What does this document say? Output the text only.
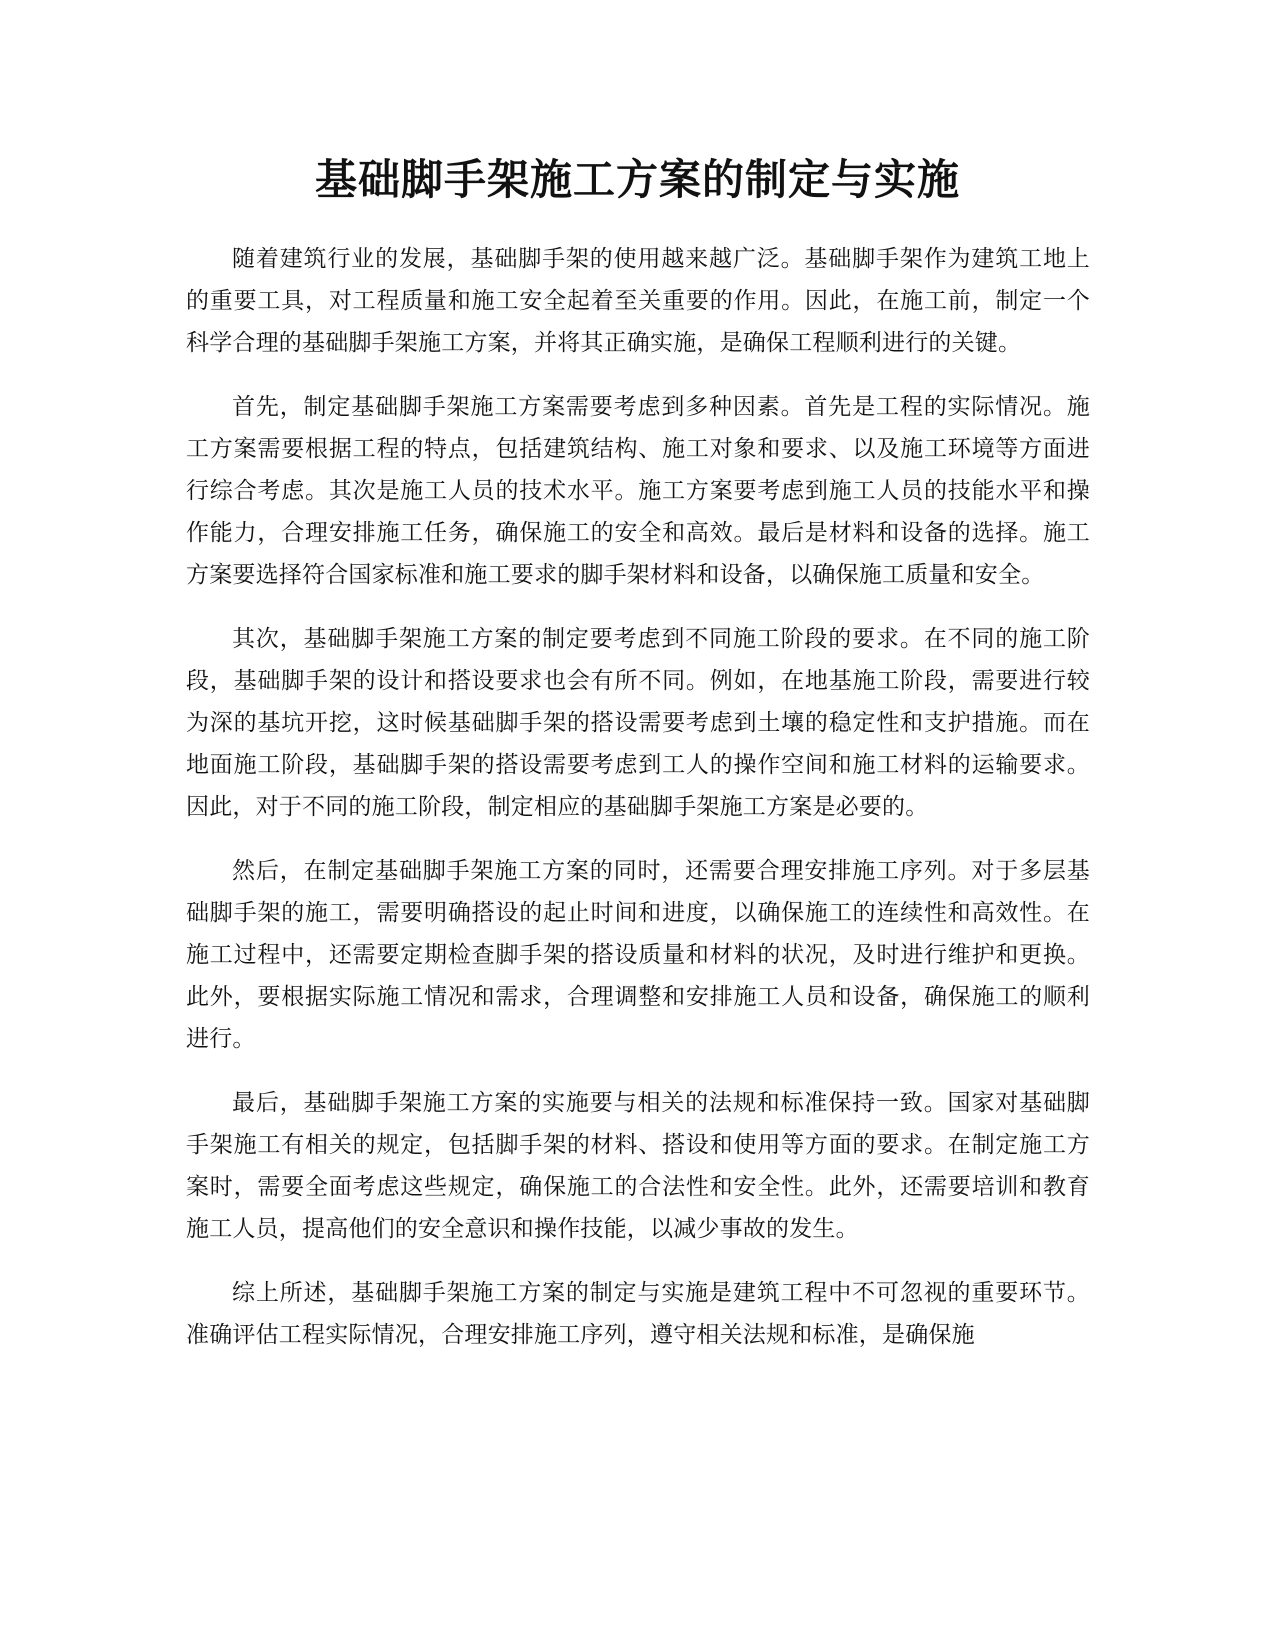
基础脚手架施工方案的制定与实施

随着建筑行业的发展，基础脚手架的使用越来越广泛。基础脚手架作为建筑工地上的重要工具，对工程质量和施工安全起着至关重要的作用。因此，在施工前，制定一个科学合理的基础脚手架施工方案，并将其正确实施，是确保工程顺利进行的关键。

首先，制定基础脚手架施工方案需要考虑到多种因素。首先是工程的实际情况。施工方案需要根据工程的特点，包括建筑结构、施工对象和要求、以及施工环境等方面进行综合考虑。其次是施工人员的技术水平。施工方案要考虑到施工人员的技能水平和操作能力，合理安排施工任务，确保施工的安全和高效。最后是材料和设备的选择。施工方案要选择符合国家标准和施工要求的脚手架材料和设备，以确保施工质量和安全。

其次，基础脚手架施工方案的制定要考虑到不同施工阶段的要求。在不同的施工阶段，基础脚手架的设计和搭设要求也会有所不同。例如，在地基施工阶段，需要进行较为深的基坑开挖，这时候基础脚手架的搭设需要考虑到土壤的稳定性和支护措施。而在地面施工阶段，基础脚手架的搭设需要考虑到工人的操作空间和施工材料的运输要求。因此，对于不同的施工阶段，制定相应的基础脚手架施工方案是必要的。

然后，在制定基础脚手架施工方案的同时，还需要合理安排施工序列。对于多层基础脚手架的施工，需要明确搭设的起止时间和进度，以确保施工的连续性和高效性。在施工过程中，还需要定期检查脚手架的搭设质量和材料的状况，及时进行维护和更换。此外，要根据实际施工情况和需求，合理调整和安排施工人员和设备，确保施工的顺利进行。

最后，基础脚手架施工方案的实施要与相关的法规和标准保持一致。国家对基础脚手架施工有相关的规定，包括脚手架的材料、搭设和使用等方面的要求。在制定施工方案时，需要全面考虑这些规定，确保施工的合法性和安全性。此外，还需要培训和教育施工人员，提高他们的安全意识和操作技能，以减少事故的发生。

综上所述，基础脚手架施工方案的制定与实施是建筑工程中不可忽视的重要环节。准确评估工程实际情况，合理安排施工序列，遵守相关法规和标准，是确保施
